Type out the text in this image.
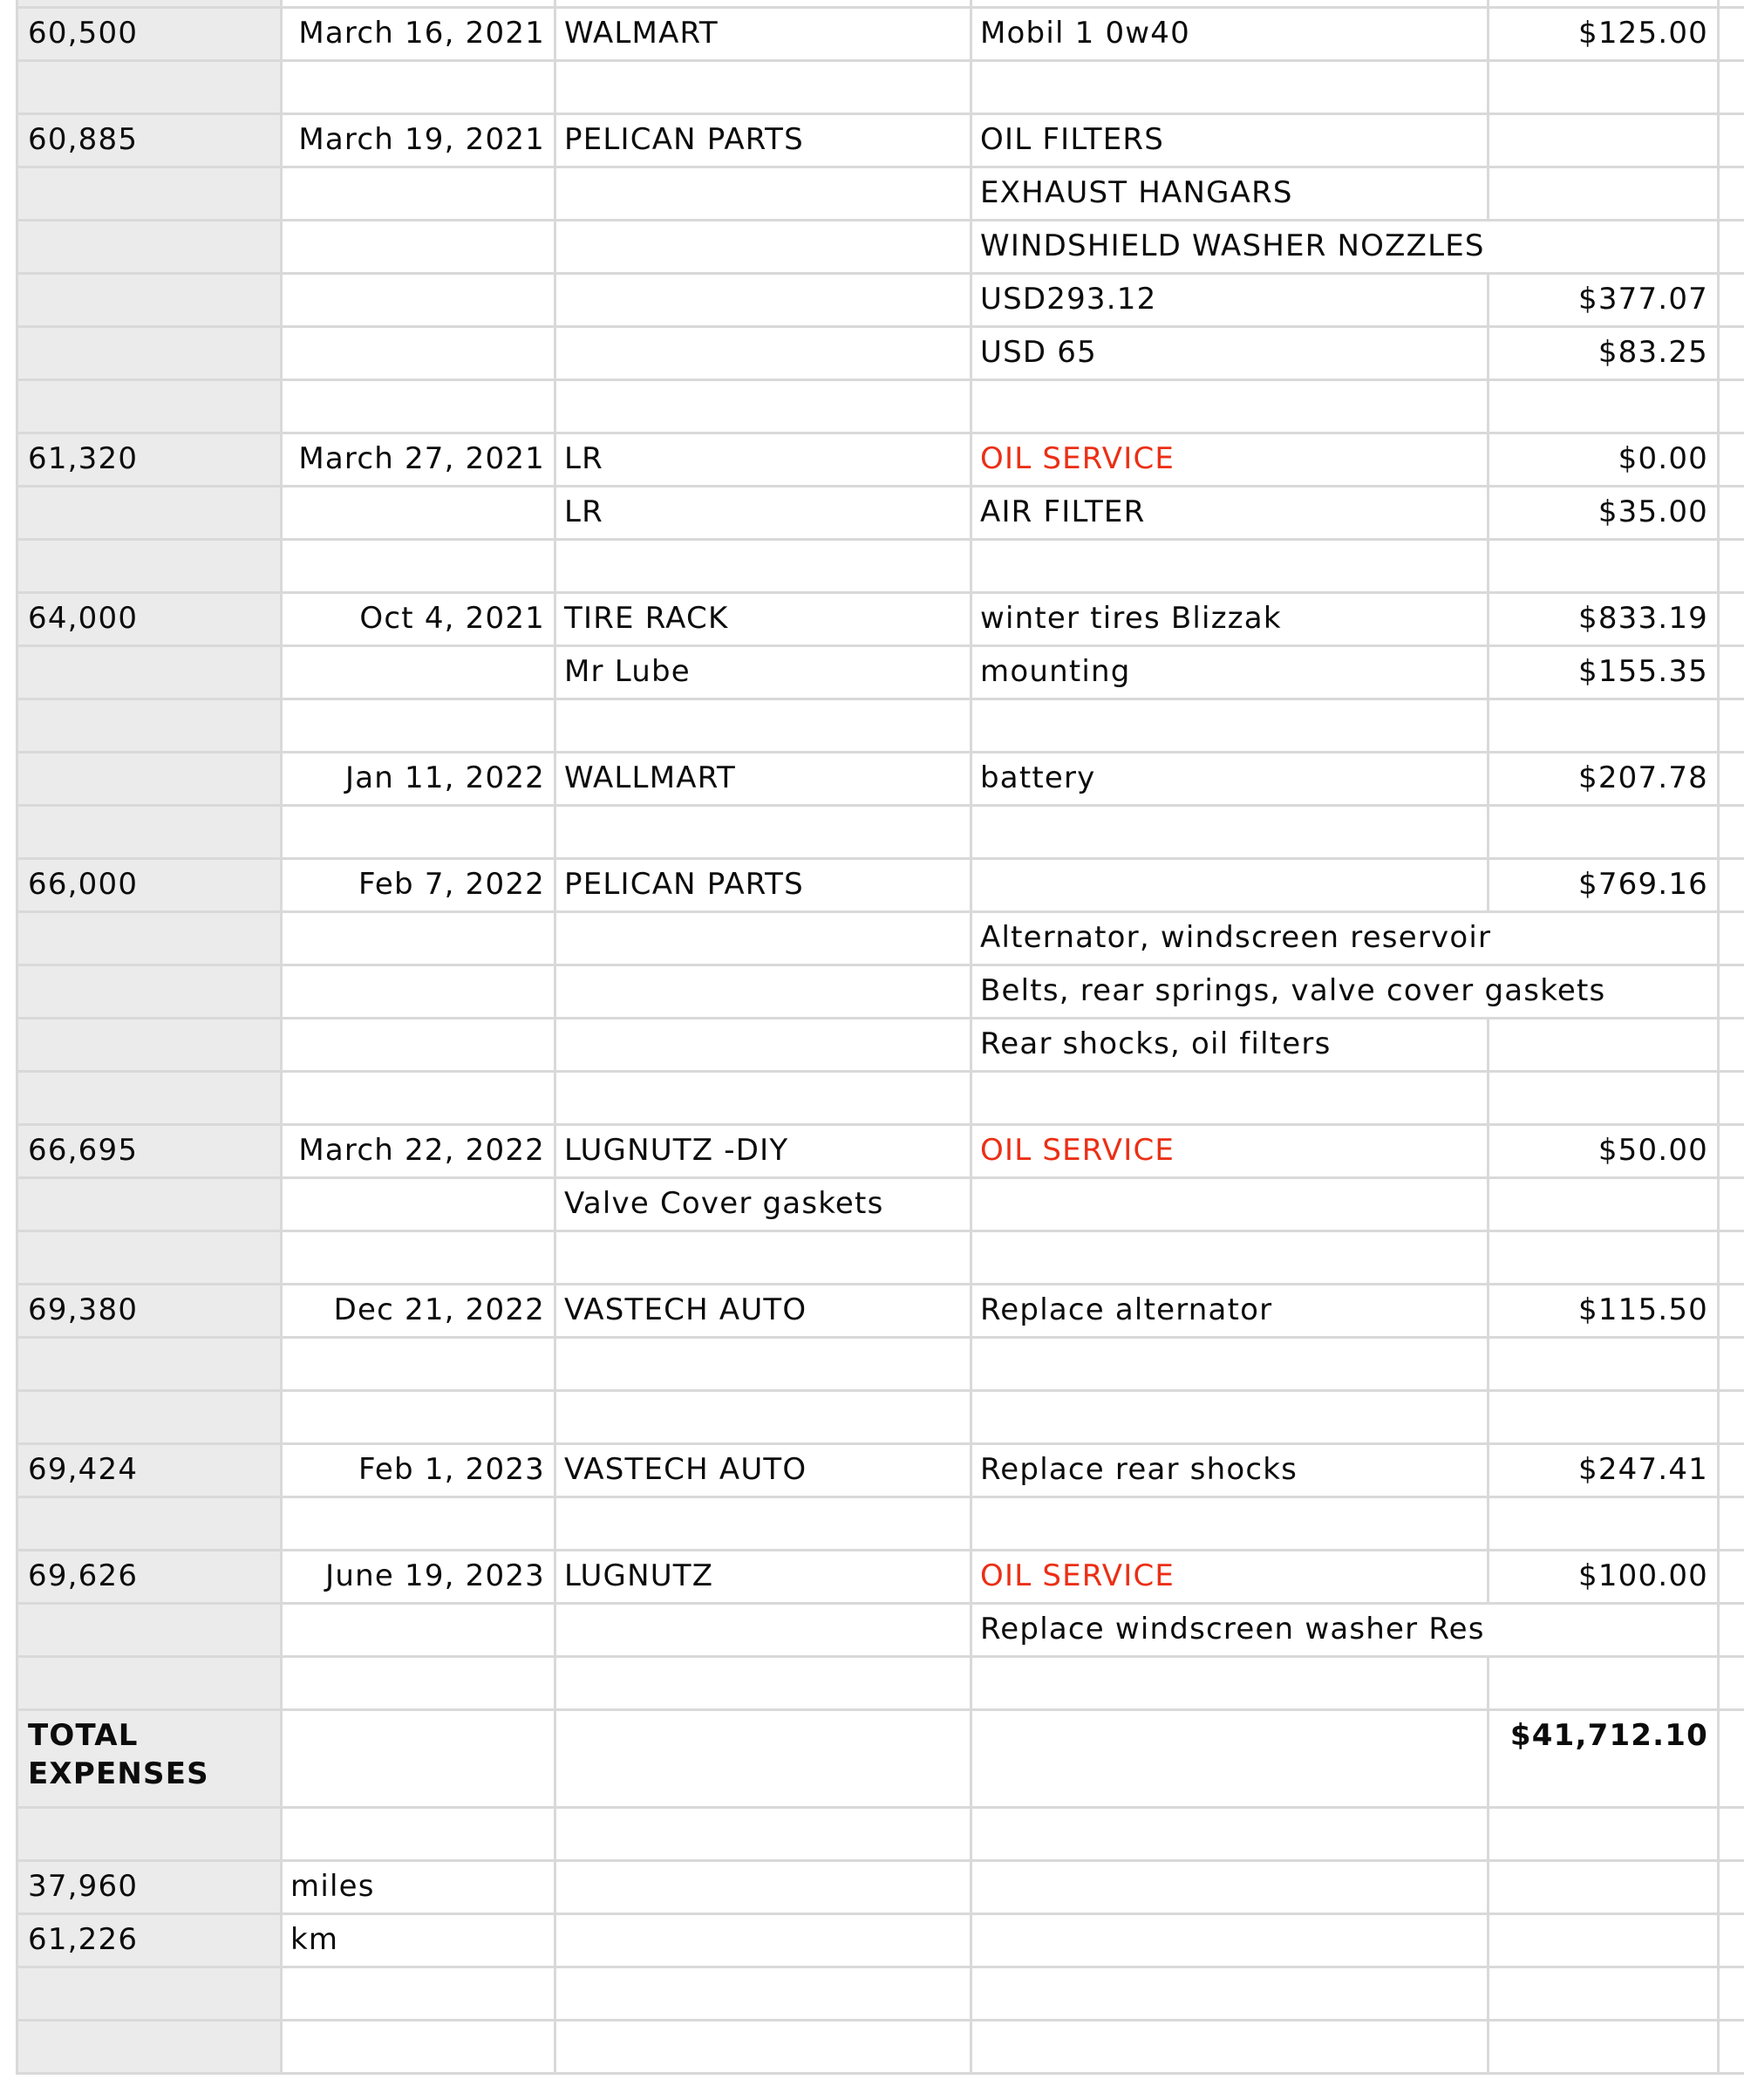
60,500	March 16, 2021	WALMART	Mobil 1 0w40	$125.00	

60,885	March 19, 2021	PELICAN PARTS	OIL FILTERS		
			EXHAUST HANGARS		
			WINDSHIELD WASHER NOZZLES		
			USD293.12	$377.07	
			USD 65	$83.25	

61,320	March 27, 2021	LR	OIL SERVICE	$0.00	
		LR	AIR FILTER	$35.00	

64,000	Oct 4, 2021	TIRE RACK	winter tires Blizzak	$833.19	
		Mr Lube	mounting	$155.35	

	Jan 11, 2022	WALLMART	battery	$207.78	

66,000	Feb 7, 2022	PELICAN PARTS		$769.16	
			Alternator, windscreen reservoir		
			Belts, rear springs, valve cover gaskets		
			Rear shocks, oil filters		

66,695	March 22, 2022	LUGNUTZ -DIY	OIL SERVICE	$50.00	
		Valve Cover gaskets			

69,380	Dec 21, 2022	VASTECH AUTO	Replace alternator	$115.50	

69,424	Feb 1, 2023	VASTECH AUTO	Replace rear shocks	$247.41	

69,626	June 19, 2023	LUGNUTZ	OIL SERVICE	$100.00	
			Replace windscreen washer Res		

TOTAL EXPENSES				$41,712.10	

37,960	miles				
61,226	km				
